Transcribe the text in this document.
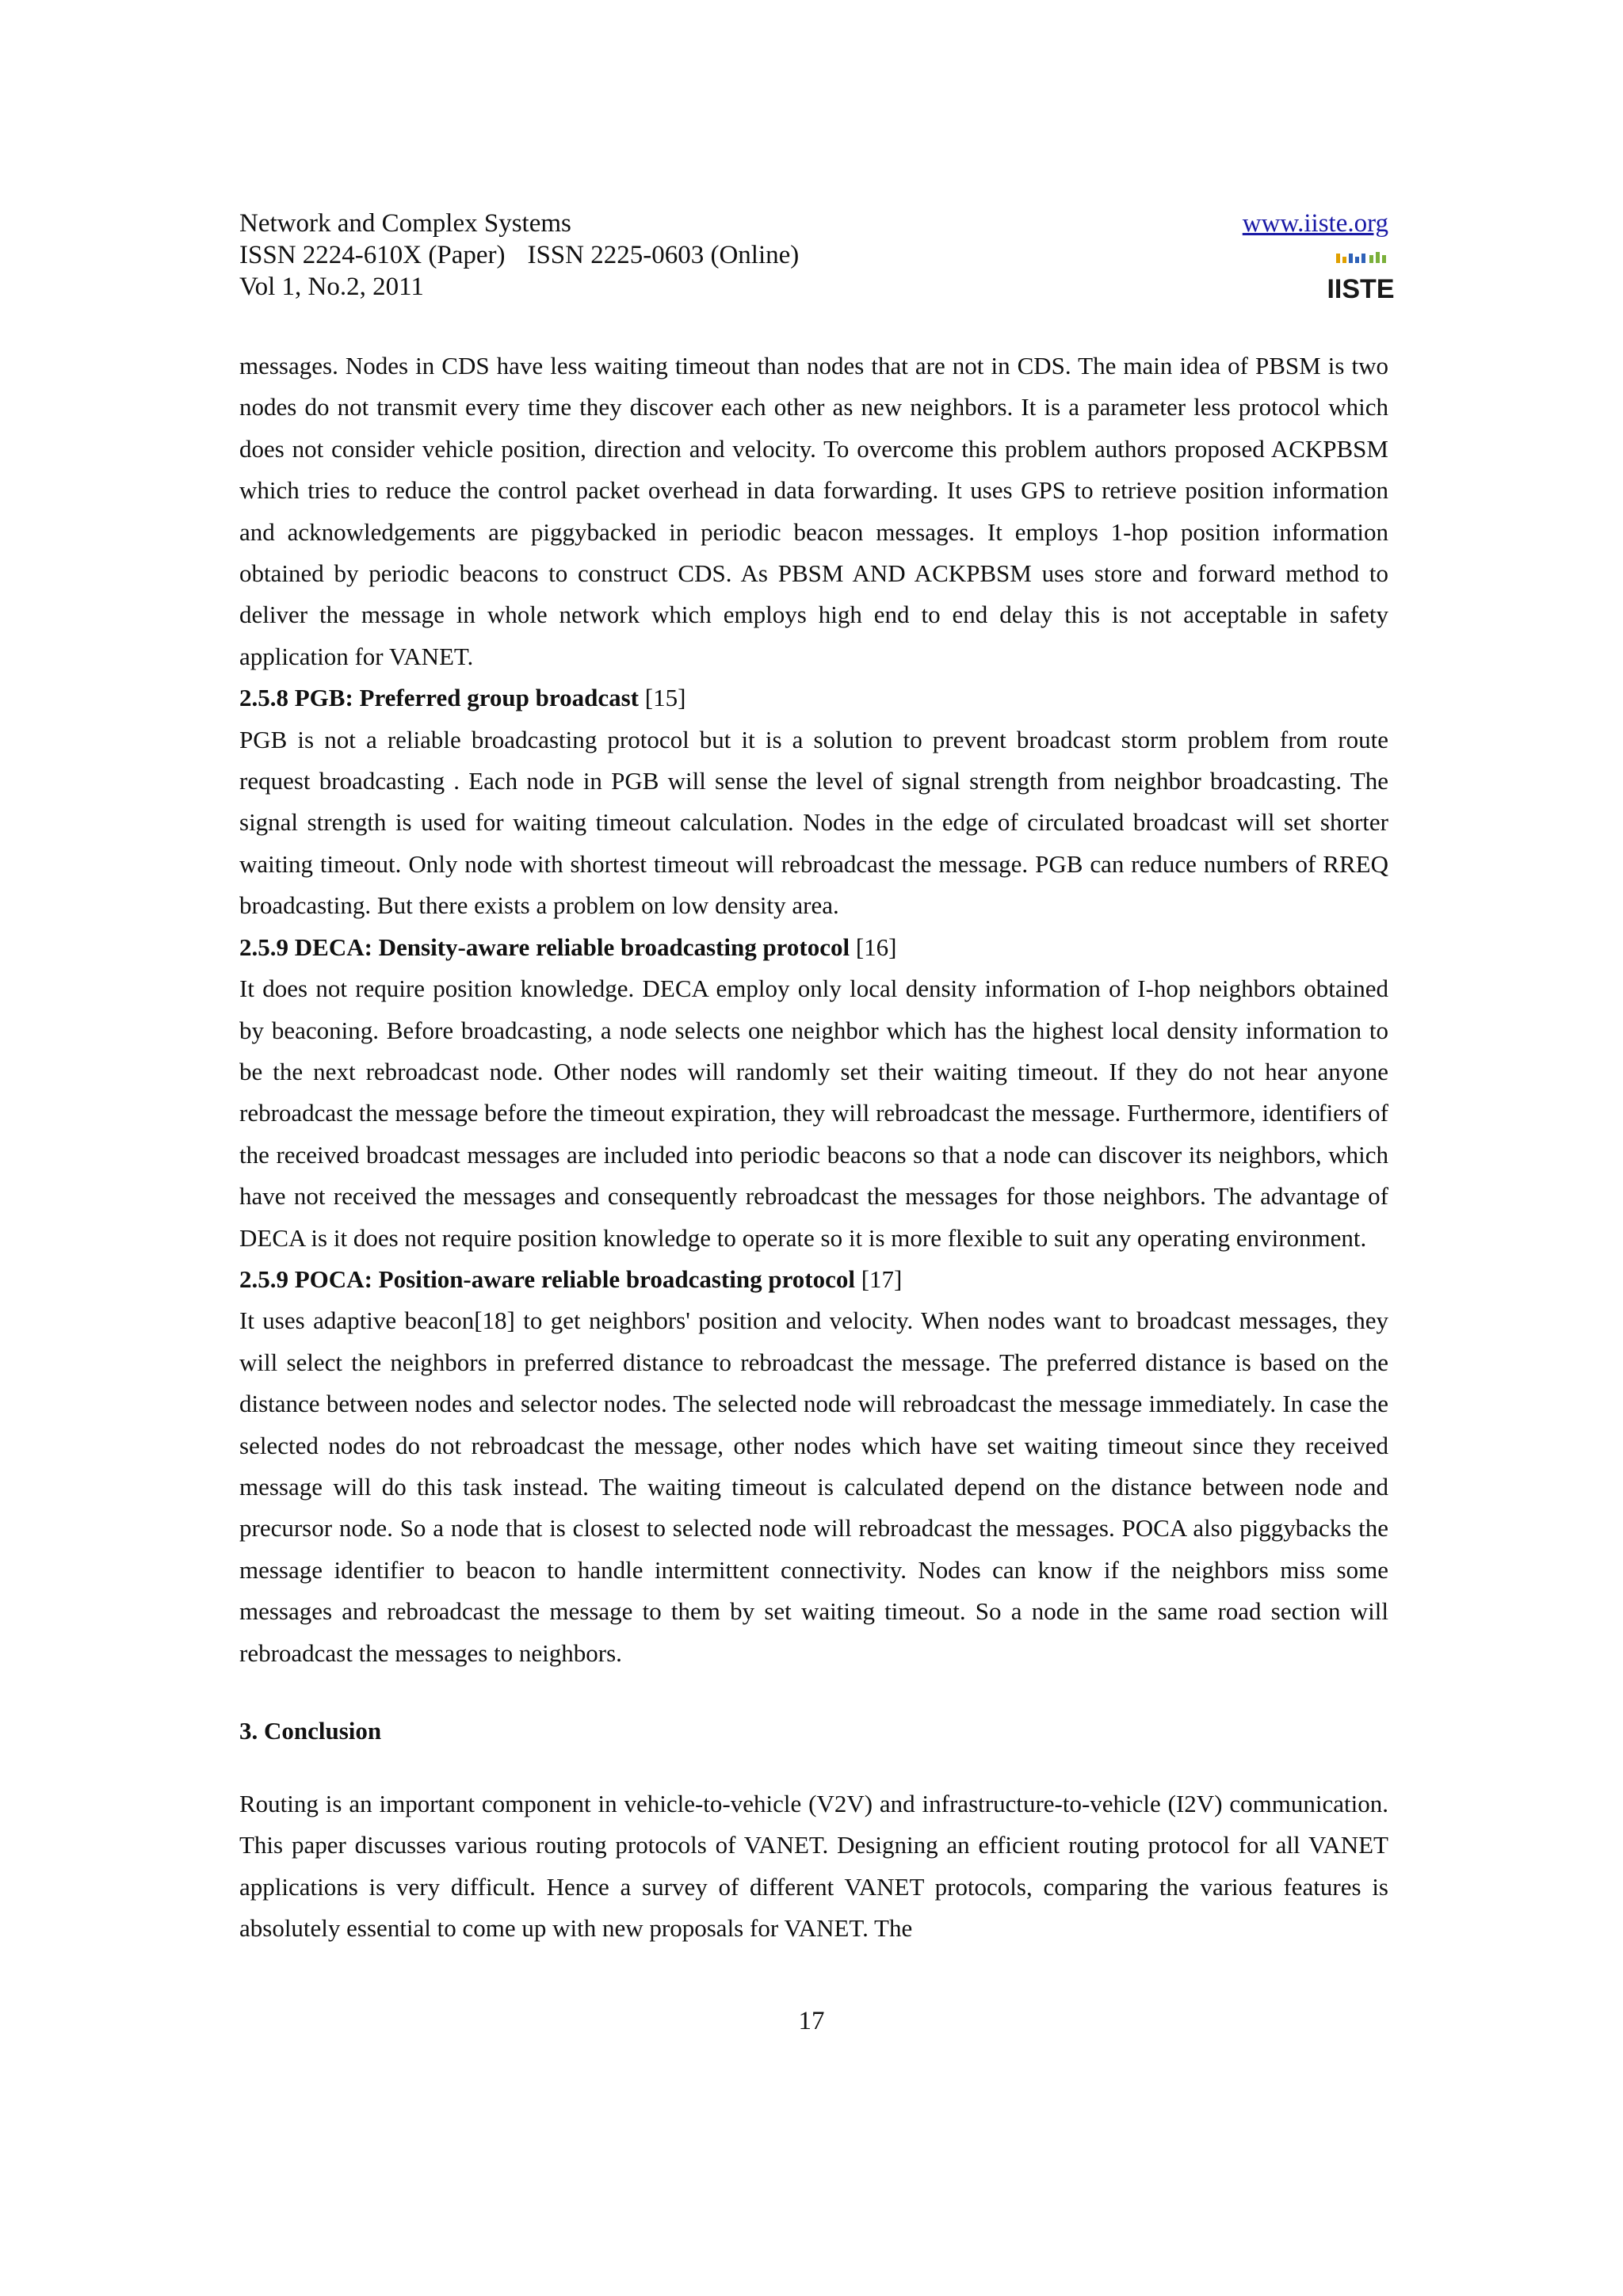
Network and Complex Systems
ISSN 2224-610X (Paper) ISSN 2225-0603 (Online)
Vol 1, No.2, 2011
www.iiste.org
IISTE

messages. Nodes in CDS have less waiting timeout than nodes that are not in CDS. The main idea of PBSM is two nodes do not transmit every time they discover each other as new neighbors. It is a parameter less protocol which does not consider vehicle position, direction and velocity. To overcome this problem authors proposed ACKPBSM which tries to reduce the control packet overhead in data forwarding. It uses GPS to retrieve position information and acknowledgements are piggybacked in periodic beacon messages. It employs 1-hop position information obtained by periodic beacons to construct CDS. As PBSM AND ACKPBSM uses store and forward method to deliver the message in whole network which employs high end to end delay this is not acceptable in safety application for VANET.

2.5.8 PGB: Preferred group broadcast [15]

PGB is not a reliable broadcasting protocol but it is a solution to prevent broadcast storm problem from route request broadcasting . Each node in PGB will sense the level of signal strength from neighbor broadcasting. The signal strength is used for waiting timeout calculation. Nodes in the edge of circulated broadcast will set shorter waiting timeout. Only node with shortest timeout will rebroadcast the message. PGB can reduce numbers of RREQ broadcasting. But there exists a problem on low density area.

2.5.9 DECA: Density-aware reliable broadcasting protocol [16]

It does not require position knowledge. DECA employ only local density information of I-hop neighbors obtained by beaconing. Before broadcasting, a node selects one neighbor which has the highest local density information to be the next rebroadcast node. Other nodes will randomly set their waiting timeout. If they do not hear anyone rebroadcast the message before the timeout expiration, they will rebroadcast the message. Furthermore, identifiers of the received broadcast messages are included into periodic beacons so that a node can discover its neighbors, which have not received the messages and consequently rebroadcast the messages for those neighbors. The advantage of DECA is it does not require position knowledge to operate so it is more flexible to suit any operating environment.

2.5.9 POCA: Position-aware reliable broadcasting protocol [17]

It uses adaptive beacon[18] to get neighbors' position and velocity. When nodes want to broadcast messages, they will select the neighbors in preferred distance to rebroadcast the message. The preferred distance is based on the distance between nodes and selector nodes. The selected node will rebroadcast the message immediately. In case the selected nodes do not rebroadcast the message, other nodes which have set waiting timeout since they received message will do this task instead. The waiting timeout is calculated depend on the distance between node and precursor node. So a node that is closest to selected node will rebroadcast the messages. POCA also piggybacks the message identifier to beacon to handle intermittent connectivity. Nodes can know if the neighbors miss some messages and rebroadcast the message to them by set waiting timeout. So a node in the same road section will rebroadcast the messages to neighbors.

3. Conclusion

Routing is an important component in vehicle-to-vehicle (V2V) and infrastructure-to-vehicle (I2V) communication. This paper discusses various routing protocols of VANET. Designing an efficient routing protocol for all VANET applications is very difficult. Hence a survey of different VANET protocols, comparing the various features is absolutely essential to come up with new proposals for VANET. The

17
